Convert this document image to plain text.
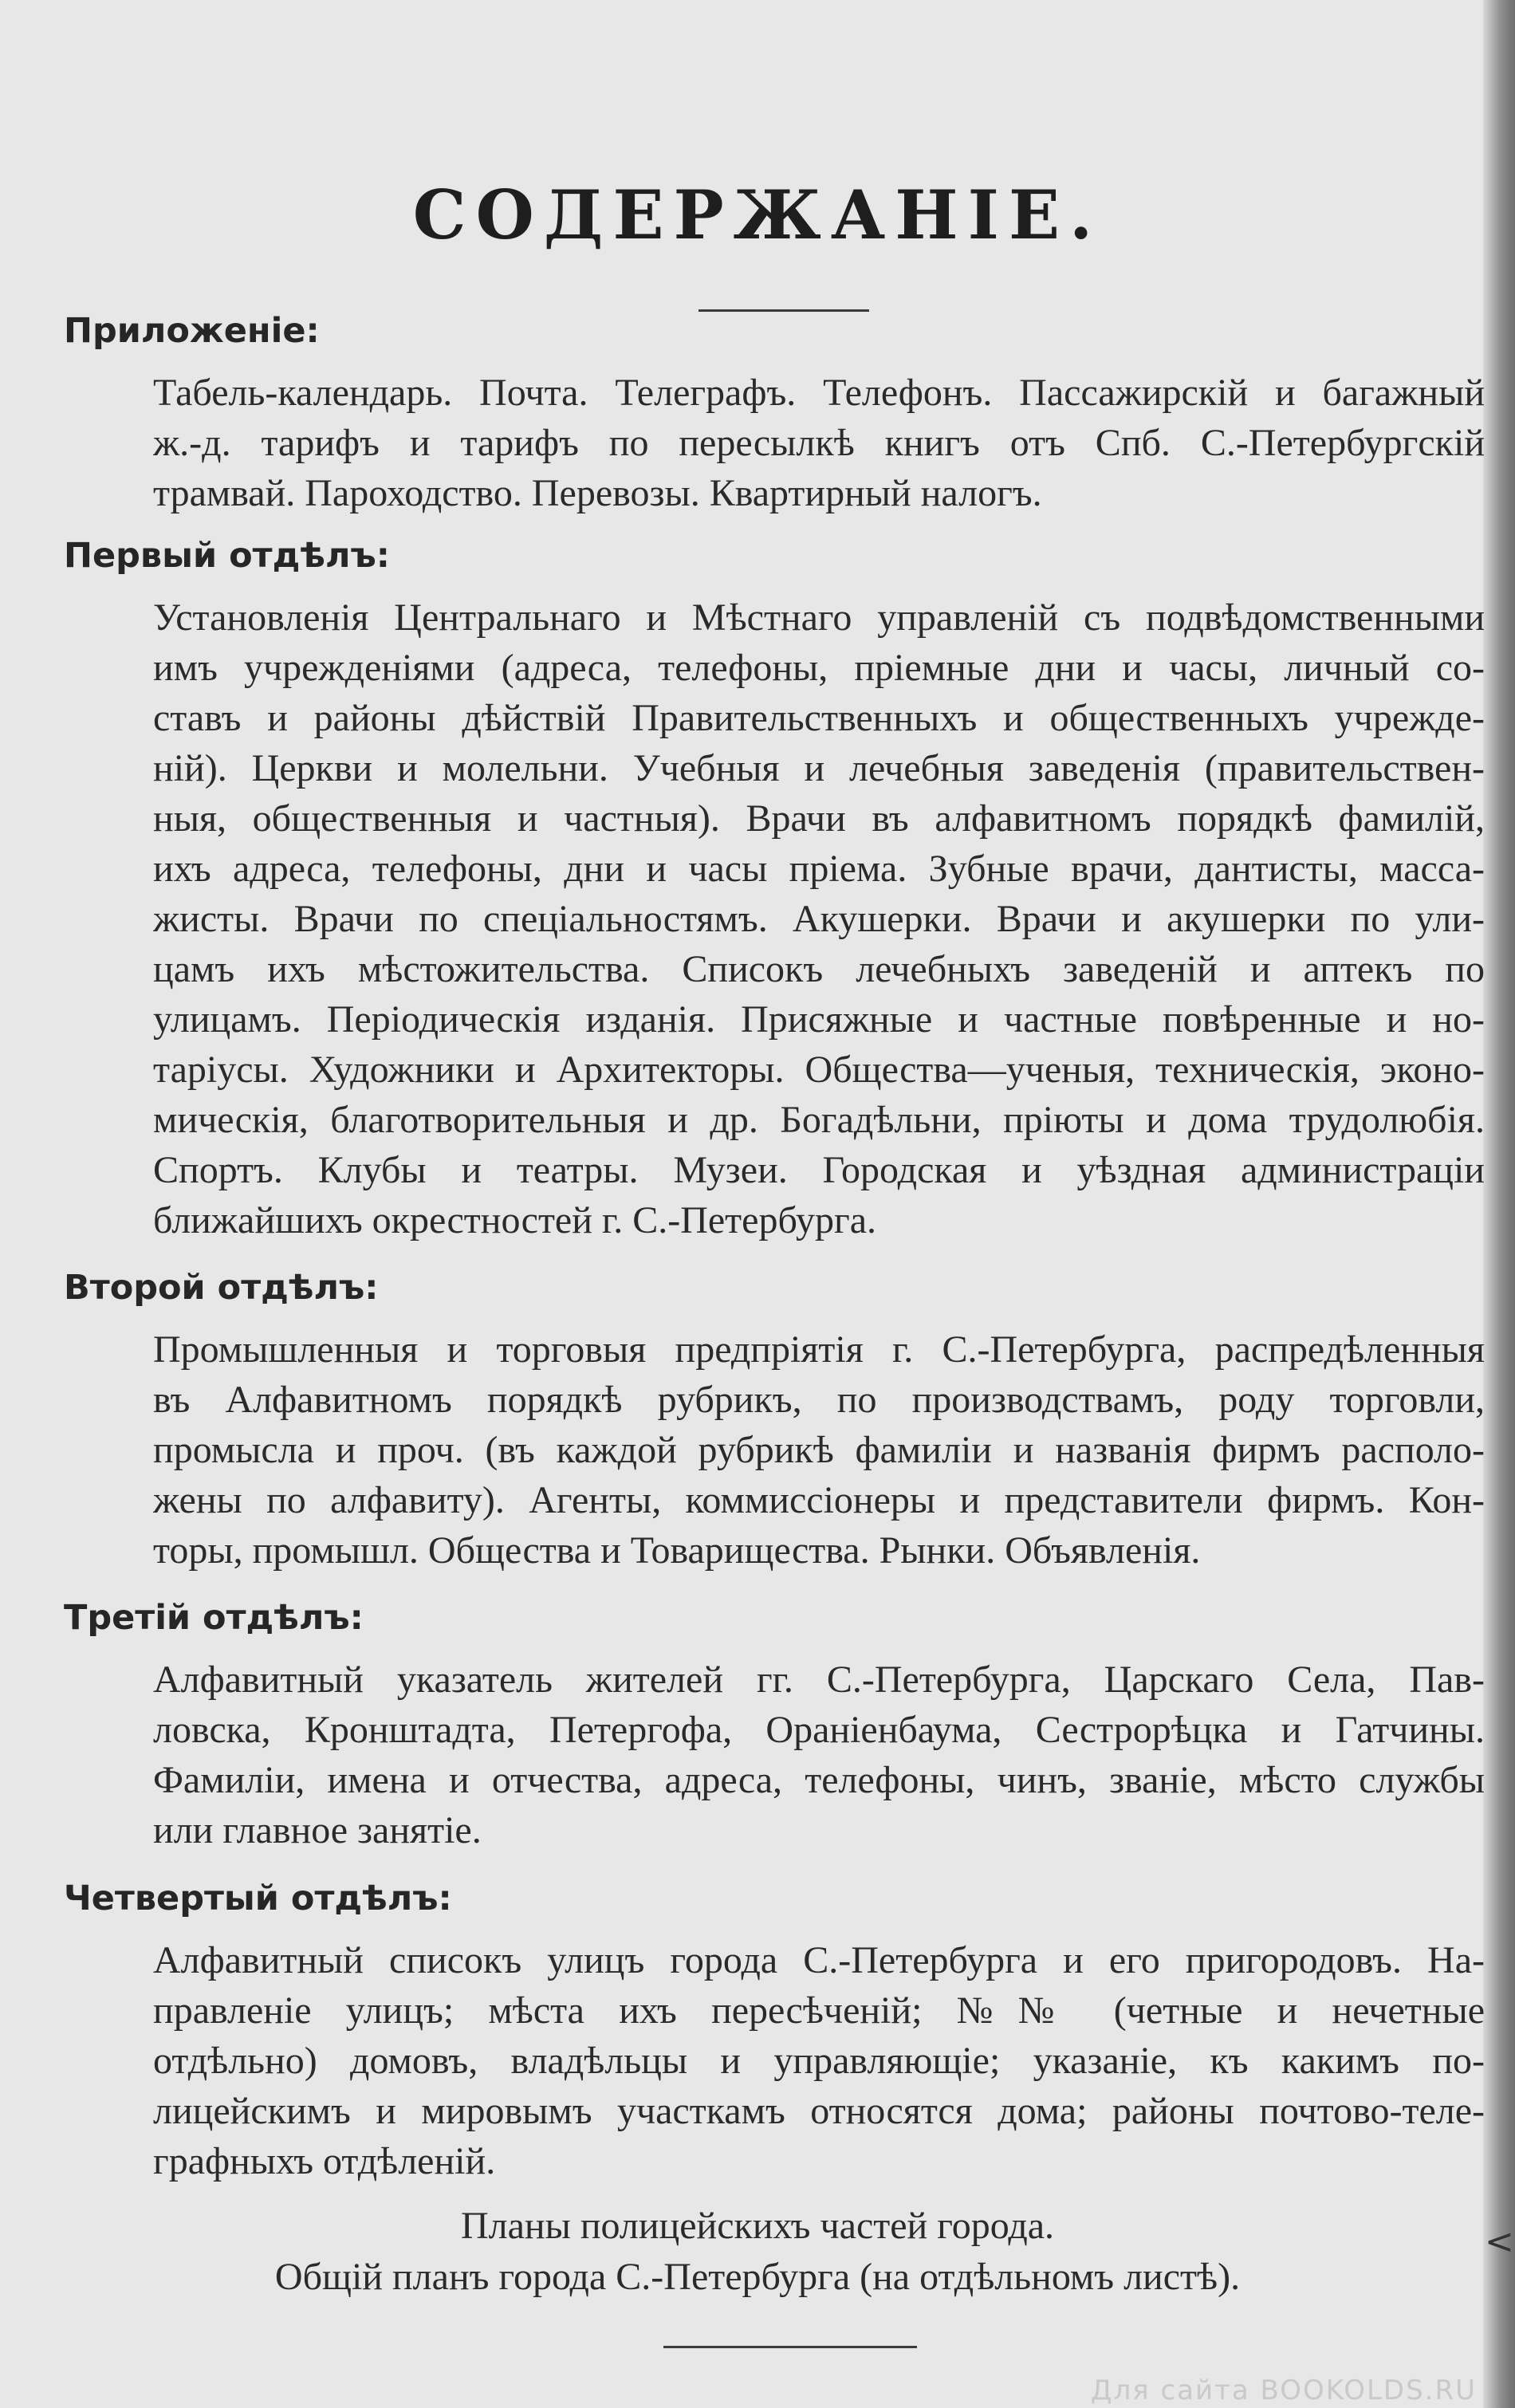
СОДЕРЖАНIЕ.
Приложенiе:
Табель-календарь. Почта. Телеграфъ. Телефонъ. Пассажирскiй и багажный
ж.-д. тарифъ и тарифъ по пересылкѣ книгъ отъ Спб. С.-Петербургскiй
трамвай. Пароходство. Перевозы. Квартирный налогъ.
Первый отдѣлъ:
Установленiя Центральнаго и Мѣстнаго управленiй съ подвѣдомственными
имъ учрежденiями (адреса, телефоны, прiемные дни и часы, личный со-
ставъ и районы дѣйствiй Правительственныхъ и общественныхъ учрежде-
нiй). Церкви и молельни. Учебныя и лечебныя заведенiя (правительствен-
ныя, общественныя и частныя). Врачи въ алфавитномъ порядкѣ фамилiй,
ихъ адреса, телефоны, дни и часы прiема. Зубные врачи, дантисты, масса-
жисты. Врачи по спецiальностямъ. Акушерки. Врачи и акушерки по ули-
цамъ ихъ мѣстожительства. Списокъ лечебныхъ заведенiй и аптекъ по
улицамъ. Перiодическiя изданiя. Присяжные и частные повѣренные и но-
тарiусы. Художники и Архитекторы. Общества—ученыя, техническiя, эконо-
мическiя, благотворительныя и др. Богадѣльни, прiюты и дома трудолюбiя.
Спортъ. Клубы и театры. Музеи. Городская и уѣздная администрацiи
ближайшихъ окрестностей г. С.-Петербурга.
Второй отдѣлъ:
Промышленныя и торговыя предпрiятiя г. С.-Петербурга, распредѣленныя
въ Алфавитномъ порядкѣ рубрикъ, по производствамъ, роду торговли,
промысла и проч. (въ каждой рубрикѣ фамилiи и названiя фирмъ располо-
жены по алфавиту). Агенты, коммиссiонеры и представители фирмъ. Кон-
торы, промышл. Общества и Товарищества. Рынки. Объявленiя.
Третiй отдѣлъ:
Алфавитный указатель жителей гг. С.-Петербурга, Царскаго Села, Пав-
ловска, Кронштадта, Петергофа, Ораніенбаума, Сестрорѣцка и Гатчины.
Фамилiи, имена и отчества, адреса, телефоны, чинъ, званiе, мѣсто службы
или главное занятiе.
Четвертый отдѣлъ:
Алфавитный списокъ улицъ города С.-Петербурга и его пригородовъ. На-
правленiе улицъ; мѣста ихъ пересѣченiй; №№ (четные и нечетные
отдѣльно) домовъ, владѣльцы и управляющiе; указанiе, къ какимъ по-
лицейскимъ и мировымъ участкамъ относятся дома; районы почтово-теле-
графныхъ отдѣленiй.
Планы полицейскихъ частей города.
Общiй планъ города С.-Петербурга (на отдѣльномъ листѣ).
<
Для сайта BOOKOLDS.RU
